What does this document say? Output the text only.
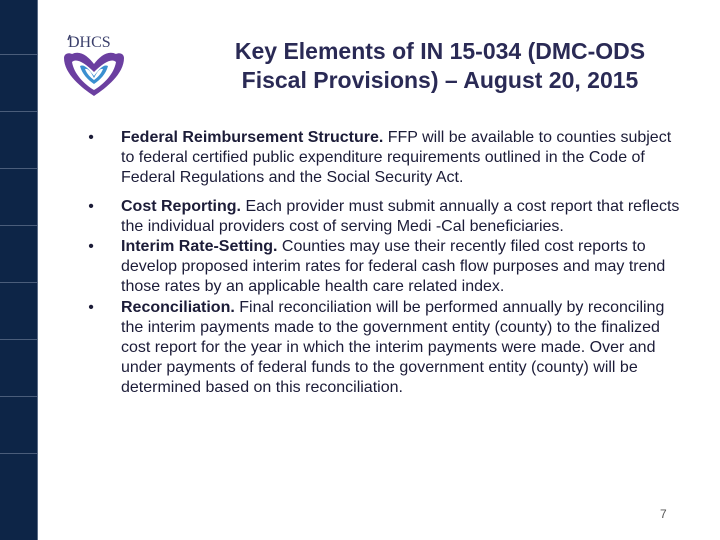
DHCS	Key Elements of IN 15-034 (DMC-ODS
Fiscal Provisions) – August 20, 2015
• Federal Reimbursement Structure. FFP will be available to counties subject to federal certified public expenditure requirements outlined in the Code of Federal Regulations and the Social Security Act.
• Cost Reporting. Each provider must submit annually a cost report that reflects the individual providers cost of serving Medi -Cal beneficiaries.
• Interim Rate-Setting. Counties may use their recently filed cost reports to develop proposed interim rates for federal cash flow purposes and may trend those rates by an applicable health care related index.
• Reconciliation. Final reconciliation will be performed annually by reconciling the interim payments made to the government entity (county) to the finalized cost report for the year in which the interim payments were made. Over and under payments of federal funds to the government entity (county) will be determined based on this reconciliation.
7
